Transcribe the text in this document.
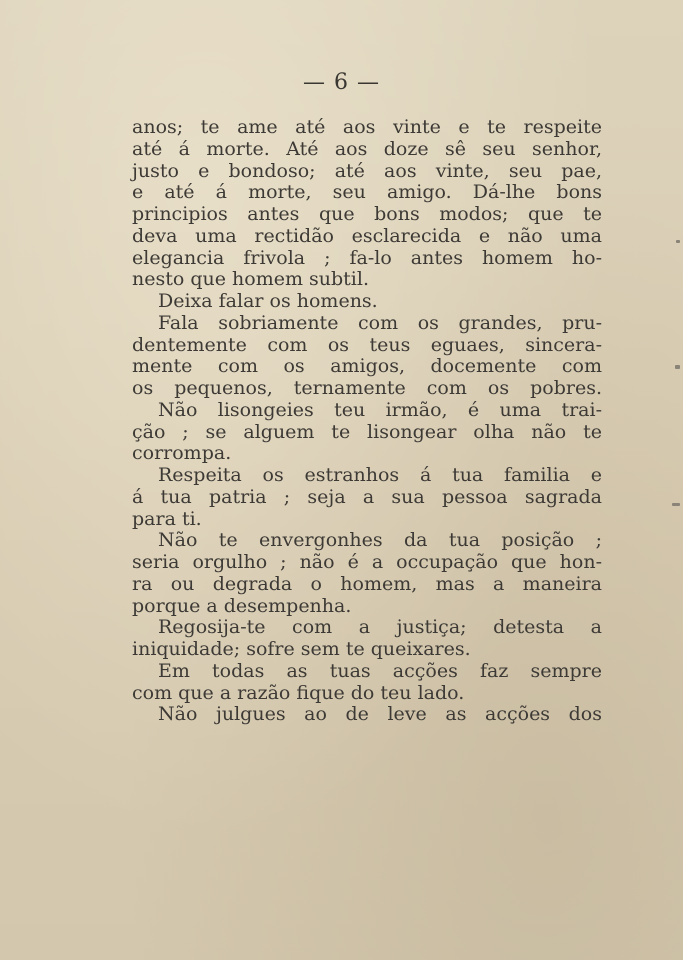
— 6 —
anos; te ame até aos vinte e te respeite
até á morte. Até aos doze sê seu senhor,
justo e bondoso; até aos vinte, seu pae,
e até á morte, seu amigo. Dá-lhe bons
principios antes que bons modos; que te
deva uma rectidão esclarecida e não uma
elegancia frivola ; fa-lo antes homem ho-
nesto que homem subtil.
Deixa falar os homens.
Fala sobriamente com os grandes, pru-
dentemente com os teus eguaes, sincera-
mente com os amigos, docemente com
os pequenos, ternamente com os pobres.
Não lisongeies teu irmão, é uma trai-
ção ; se alguem te lisongear olha não te
corrompa.
Respeita os estranhos á tua familia e
á tua patria ; seja a sua pessoa sagrada
para ti.
Não te envergonhes da tua posição ;
seria orgulho ; não é a occupação que hon-
ra ou degrada o homem, mas a maneira
porque a desempenha.
Regosija-te com a justiça; detesta a
iniquidade; sofre sem te queixares.
Em todas as tuas acções faz sempre
com que a razão fique do teu lado.
Não julgues ao de leve as acções dos
